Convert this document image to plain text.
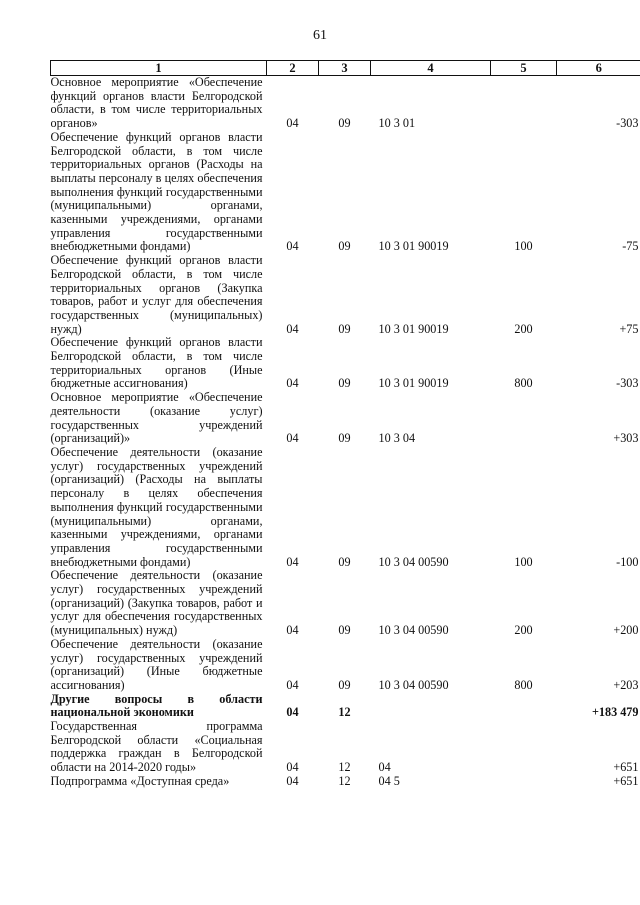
61
1	2	3	4	5	6
Основное мероприятие «Обеспечение функций органов власти Белгородской области, в том числе территориальных органов»	04	09	10 3 01		-303
Обеспечение функций органов власти Белгородской области, в том числе территориальных органов (Расходы на выплаты персоналу в целях обеспечения выполнения функций государственными (муниципальными) органами, казенными учреждениями, органами управления государственными внебюджетными фондами)	04	09	10 3 01 90019	100	-75
Обеспечение функций органов власти Белгородской области, в том числе территориальных органов (Закупка товаров, работ и услуг для обеспечения государственных (муниципальных) нужд)	04	09	10 3 01 90019	200	+75
Обеспечение функций органов власти Белгородской области, в том числе территориальных органов (Иные бюджетные ассигнования)	04	09	10 3 01 90019	800	-303
Основное мероприятие «Обеспечение деятельности (оказание услуг) государственных учреждений (организаций)»	04	09	10 3 04		+303
Обеспечение деятельности (оказание услуг) государственных учреждений (организаций) (Расходы на выплаты персоналу в целях обеспечения выполнения функций государственными (муниципальными) органами, казенными учреждениями, органами управления государственными внебюджетными фондами)	04	09	10 3 04 00590	100	-100
Обеспечение деятельности (оказание услуг) государственных учреждений (организаций) (Закупка товаров, работ и услуг для обеспечения государственных (муниципальных) нужд)	04	09	10 3 04 00590	200	+200
Обеспечение деятельности (оказание услуг) государственных учреждений (организаций) (Иные бюджетные ассигнования)	04	09	10 3 04 00590	800	+203
Другие вопросы в области национальной экономики	04	12			+183 479
Государственная программа Белгородской области «Социальная поддержка граждан в Белгородской области на 2014-2020 годы»	04	12	04		+651
Подпрограмма «Доступная среда»	04	12	04 5		+651
